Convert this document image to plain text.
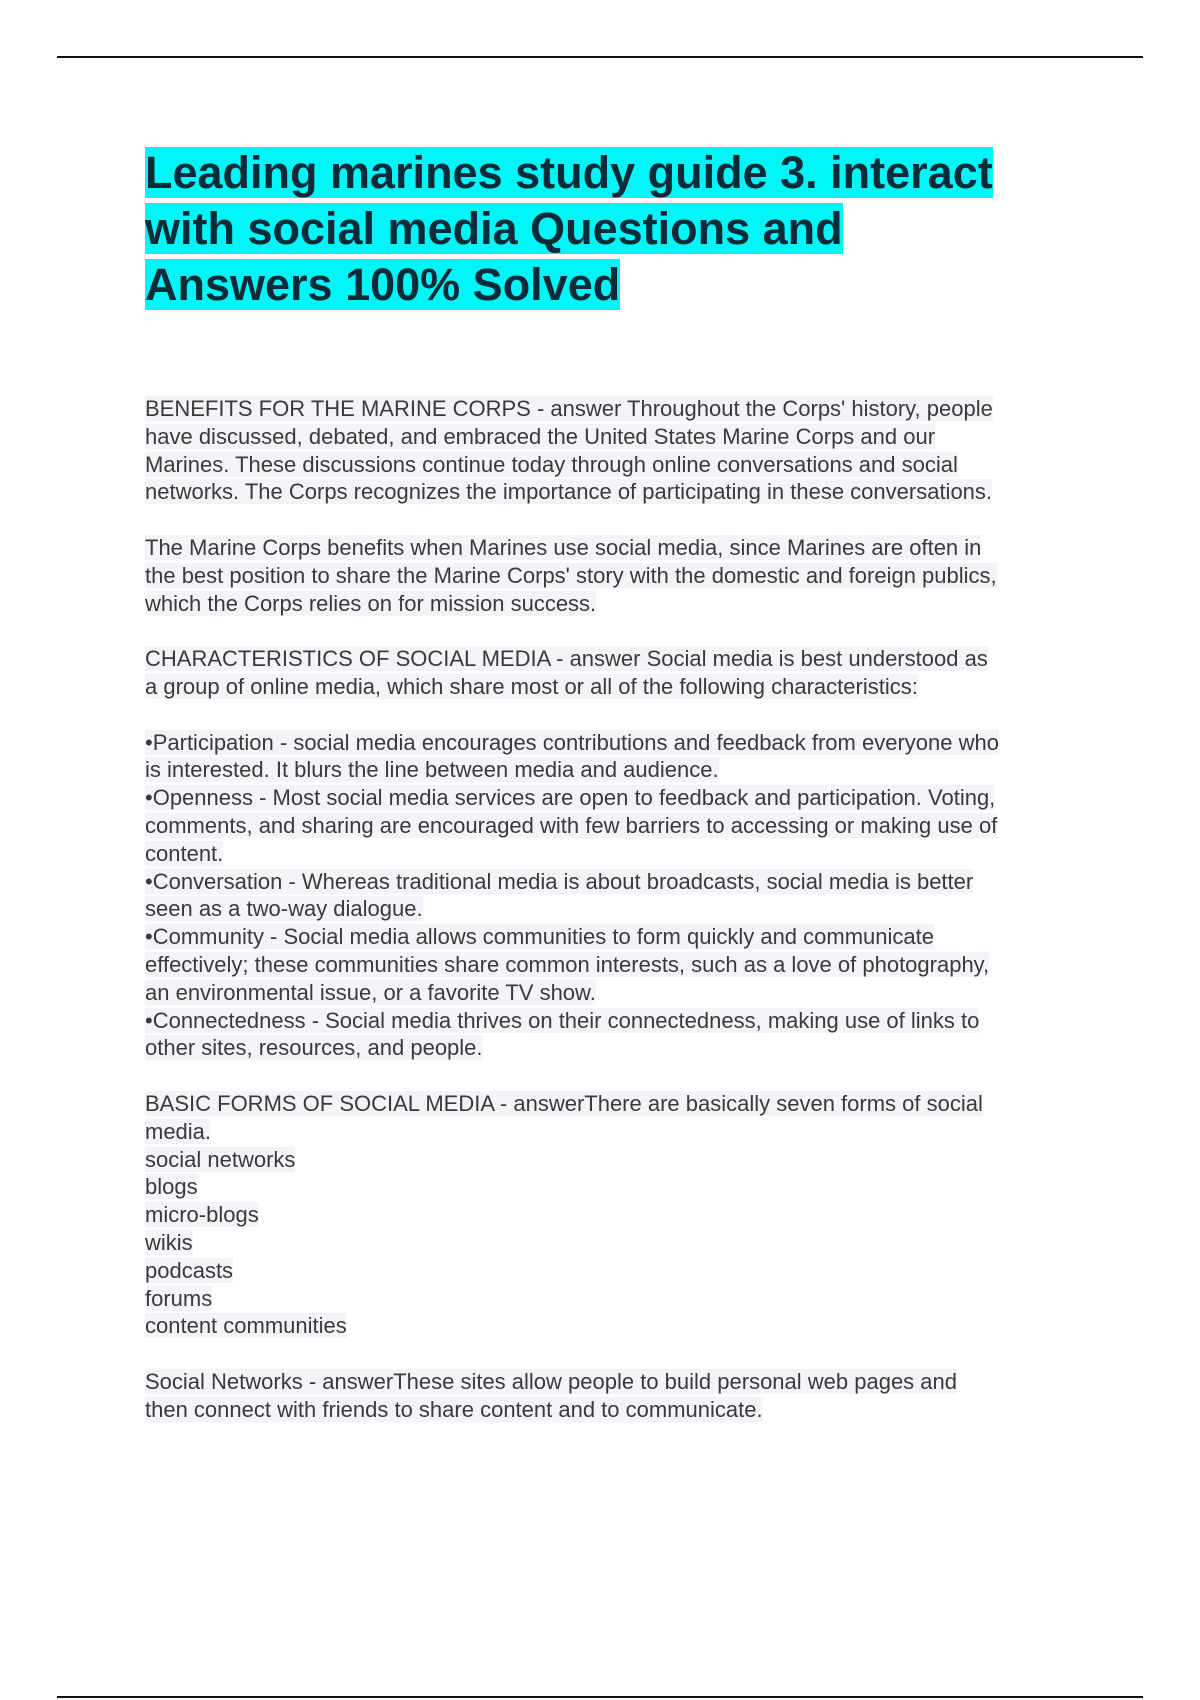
Leading marines study guide 3. interact
with social media Questions and
Answers 100% Solved
BENEFITS FOR THE MARINE CORPS - answer Throughout the Corps' history, people
have discussed, debated, and embraced the United States Marine Corps and our
Marines. These discussions continue today through online conversations and social
networks. The Corps recognizes the importance of participating in these conversations.
The Marine Corps benefits when Marines use social media, since Marines are often in
the best position to share the Marine Corps' story with the domestic and foreign publics,
which the Corps relies on for mission success.
CHARACTERISTICS OF SOCIAL MEDIA - answer Social media is best understood as
a group of online media, which share most or all of the following characteristics:
•Participation - social media encourages contributions and feedback from everyone who
is interested. It blurs the line between media and audience.
•Openness - Most social media services are open to feedback and participation. Voting,
comments, and sharing are encouraged with few barriers to accessing or making use of
content.
•Conversation - Whereas traditional media is about broadcasts, social media is better
seen as a two-way dialogue.
•Community - Social media allows communities to form quickly and communicate
effectively; these communities share common interests, such as a love of photography,
an environmental issue, or a favorite TV show.
•Connectedness - Social media thrives on their connectedness, making use of links to
other sites, resources, and people.
BASIC FORMS OF SOCIAL MEDIA - answerThere are basically seven forms of social
media.
social networks
blogs
micro-blogs
wikis
podcasts
forums
content communities
Social Networks - answerThese sites allow people to build personal web pages and
then connect with friends to share content and to communicate.
